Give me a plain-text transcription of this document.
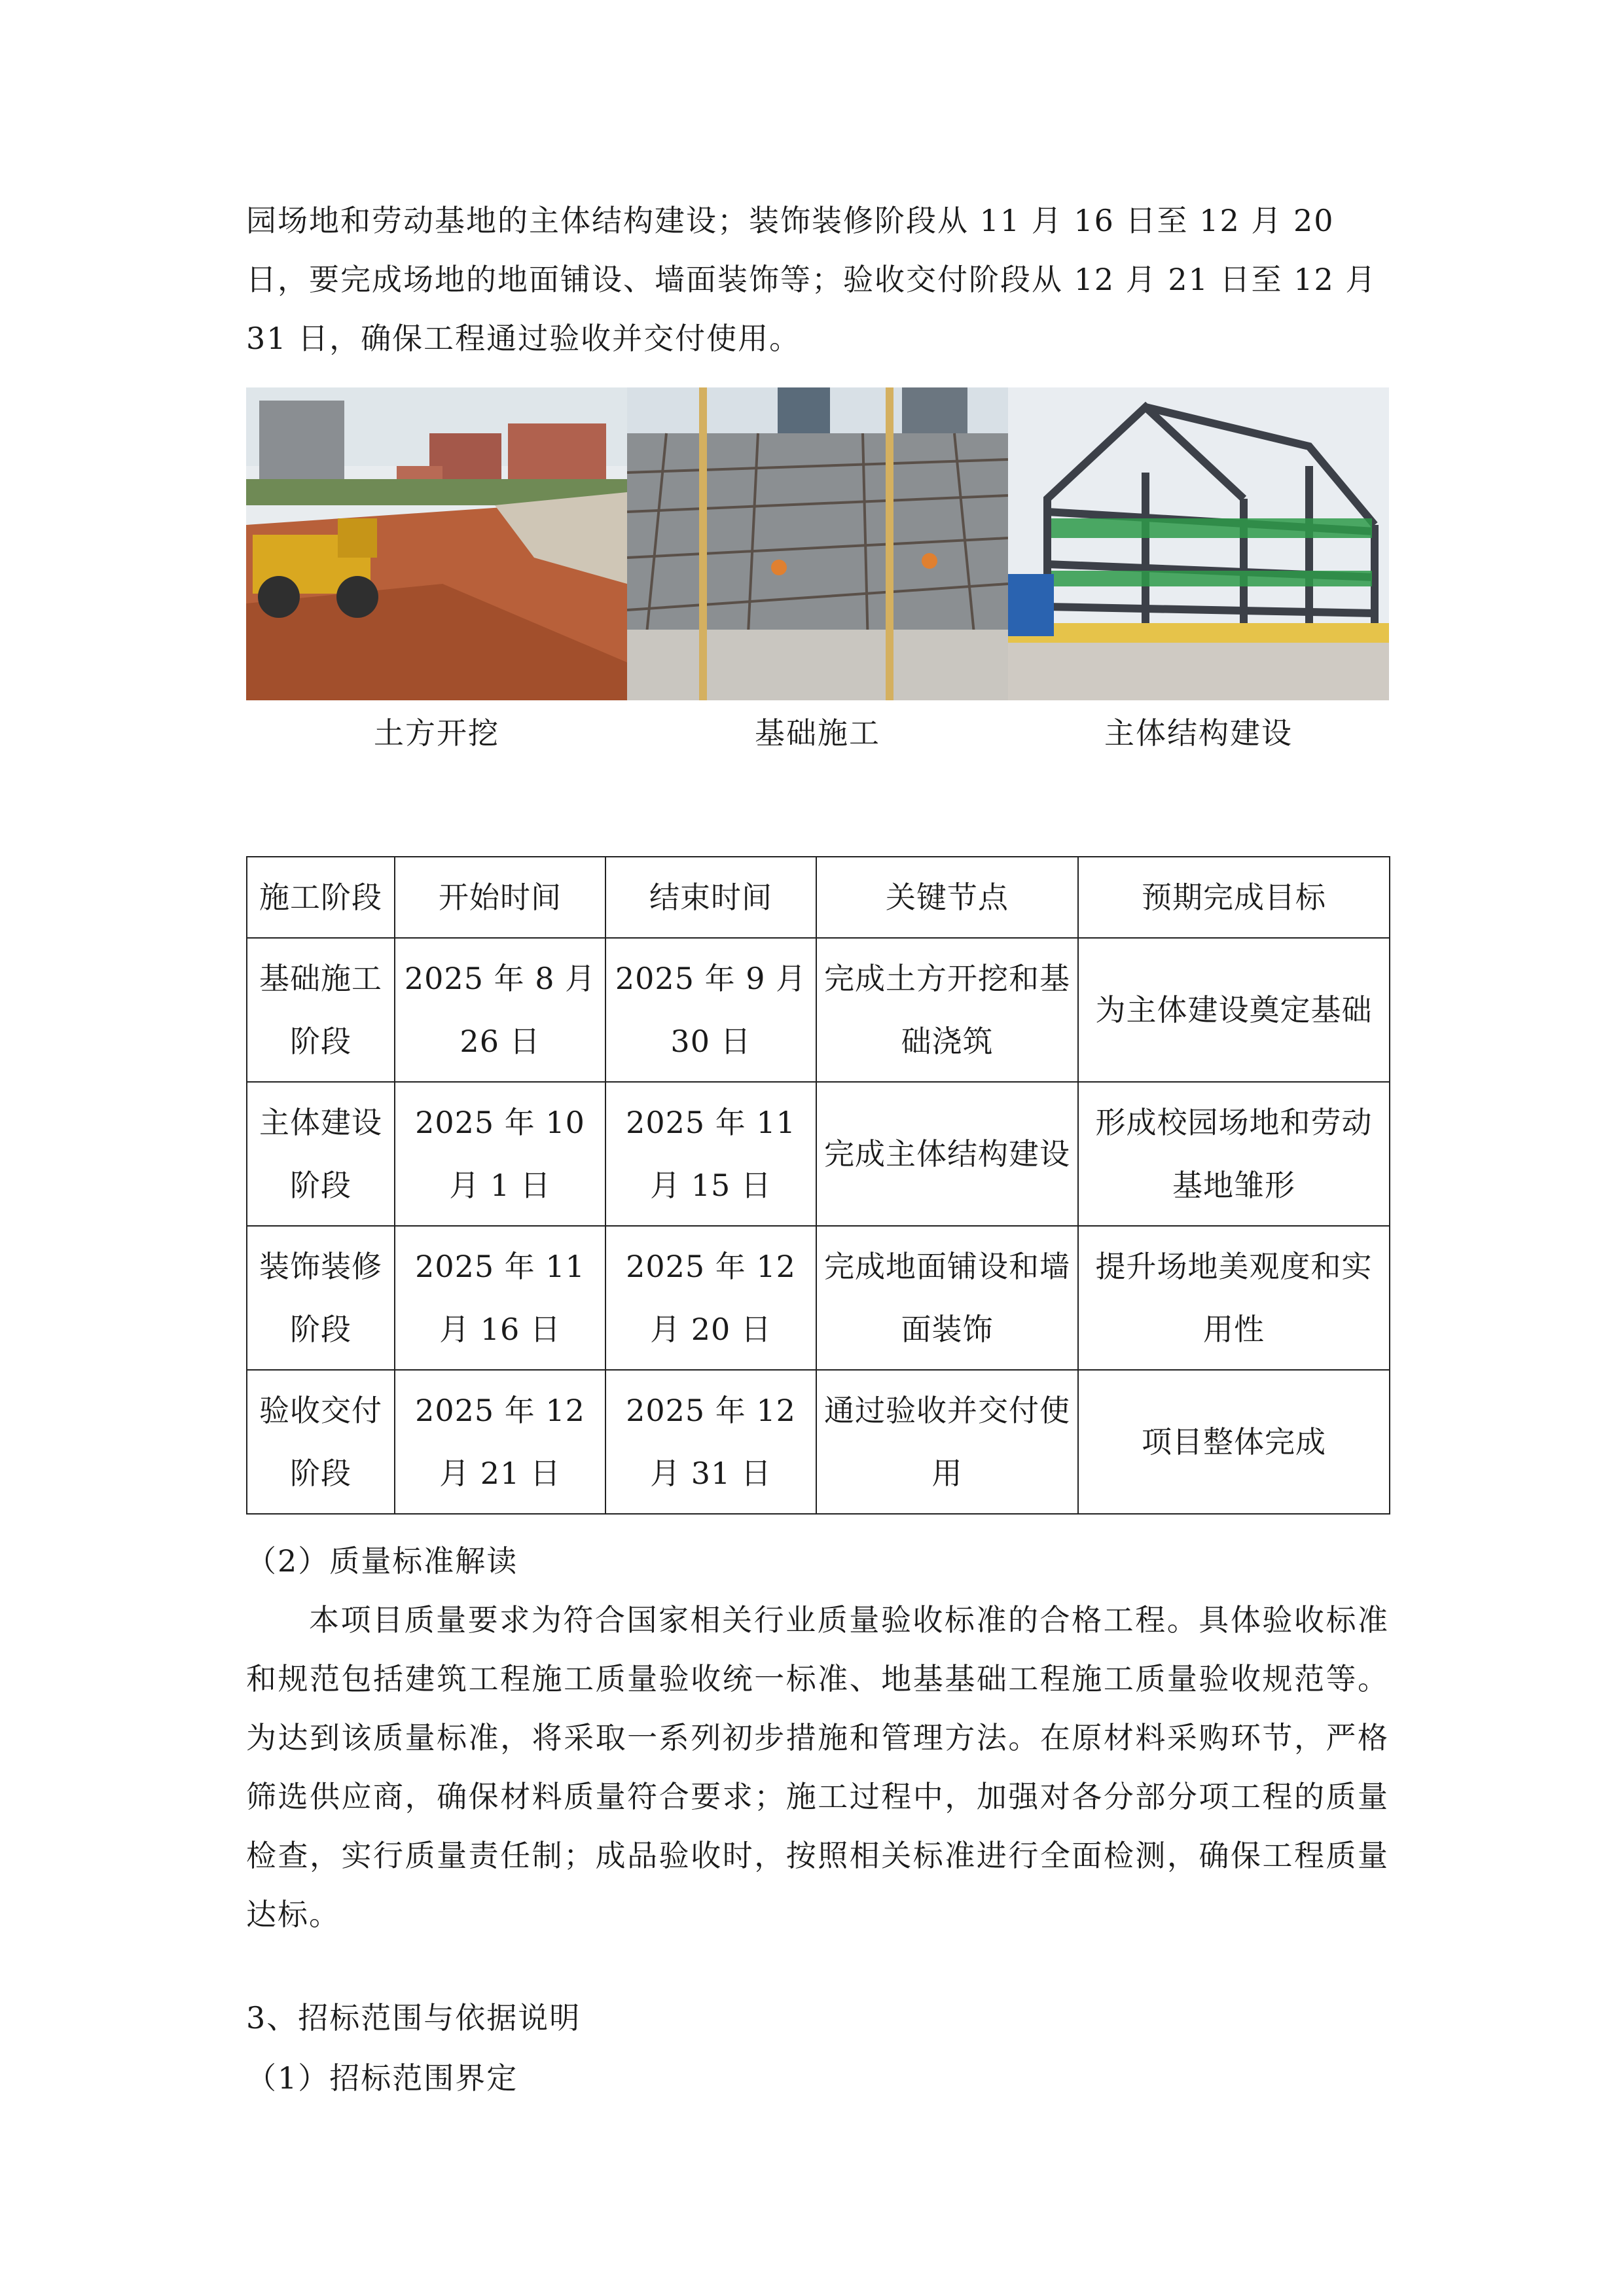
园场地和劳动基地的主体结构建设；装饰装修阶段从 11 月 16 日至 12 月 20

日，要完成场地的地面铺设、墙面装饰等；验收交付阶段从 12 月 21 日至 12 月

31 日，确保工程通过验收并交付使用。

土方开挖	基础施工	主体结构建设
施工阶段	开始时间	结束时间	关键节点	预期完成目标
基础施工阶段	2025 年 8 月 26 日	2025 年 9 月 30 日	完成土方开挖和基础浇筑	为主体建设奠定基础
主体建设阶段	2025 年 10 月 1 日	2025 年 11 月 15 日	完成主体结构建设	形成校园场地和劳动基地雏形
装饰装修阶段	2025 年 11 月 16 日	2025 年 12 月 20 日	完成地面铺设和墙面装饰	提升场地美观度和实用性
验收交付阶段	2025 年 12 月 21 日	2025 年 12 月 31 日	通过验收并交付使用	项目整体完成
（2）质量标准解读

本项目质量要求为符合国家相关行业质量验收标准的合格工程。具体验收标准和规范包括建筑工程施工质量验收统一标准、地基基础工程施工质量验收规范等。为达到该质量标准，将采取一系列初步措施和管理方法。在原材料采购环节，严格筛选供应商，确保材料质量符合要求；施工过程中，加强对各分部分项工程的质量检查，实行质量责任制；成品验收时，按照相关标准进行全面检测，确保工程质量达标。

3、招标范围与依据说明
（1）招标范围界定
